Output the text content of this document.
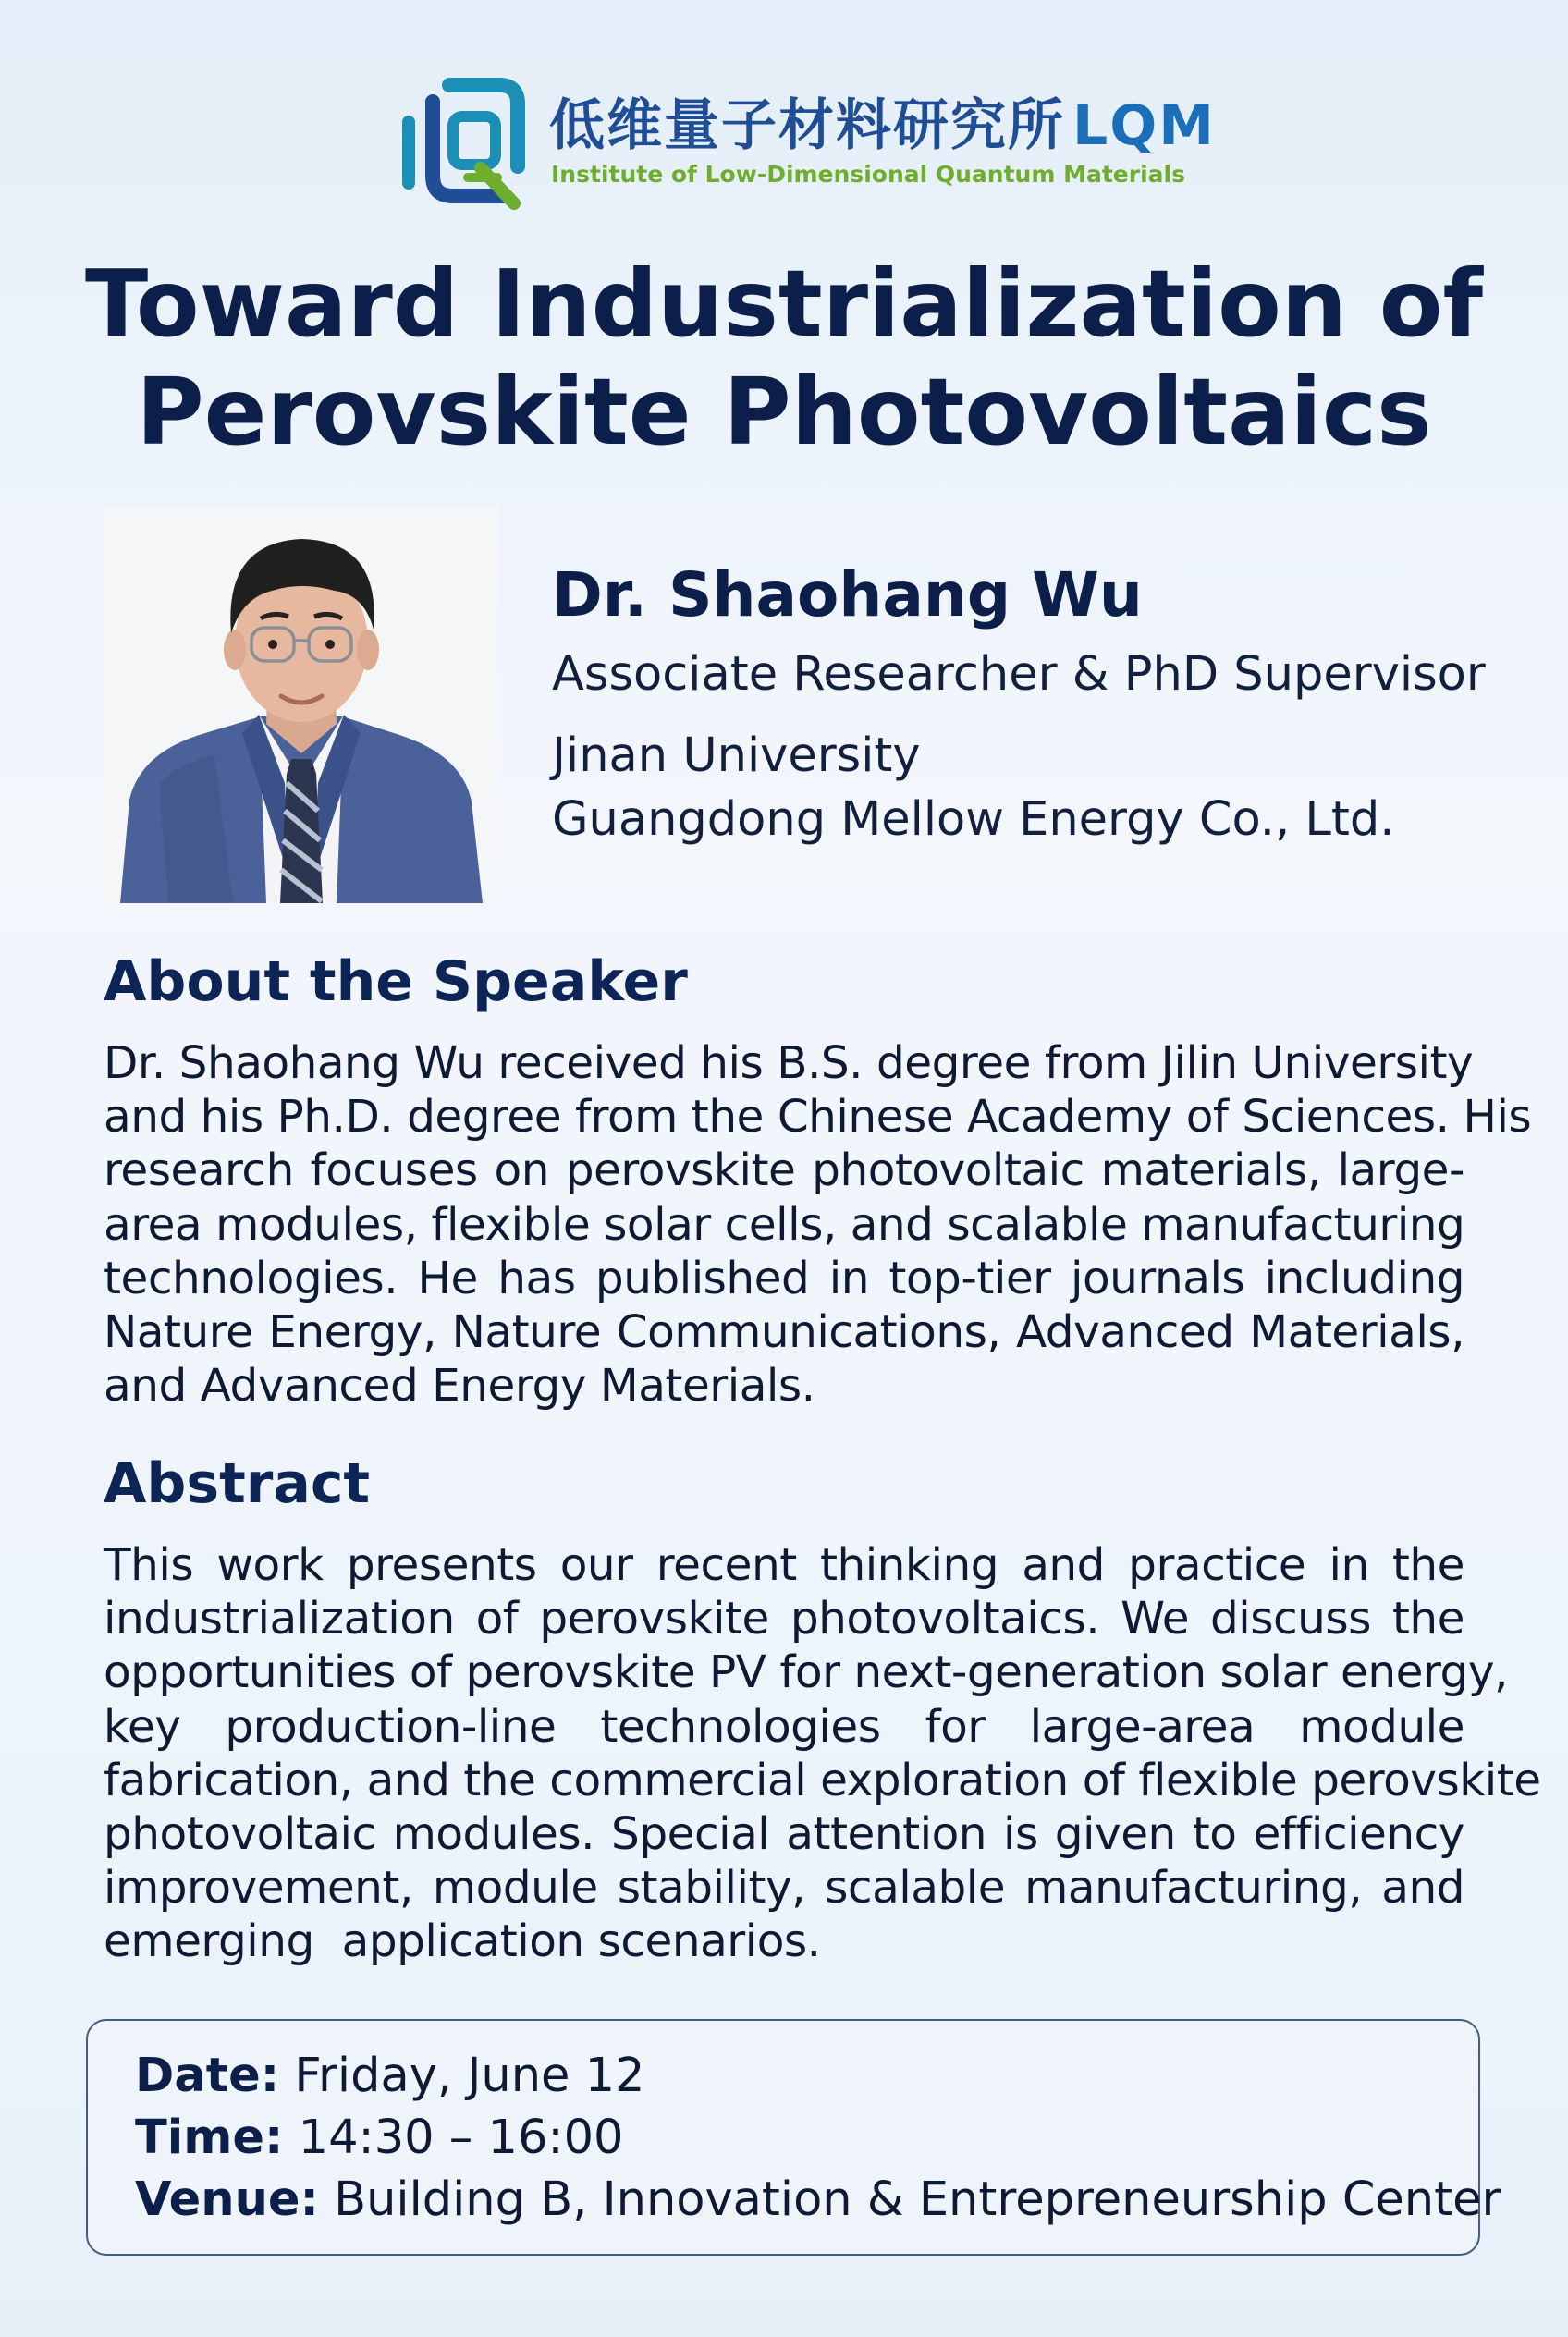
低维量子材料研究所 LQM
Institute of Low-Dimensional Quantum Materials
Toward Industrialization of
Perovskite Photovoltaics
Dr. Shaohang Wu
Associate Researcher & PhD Supervisor
Jinan University
Guangdong Mellow Energy Co., Ltd.
About the Speaker
Dr. Shaohang Wu received his B.S. degree from Jilin University
and his Ph.D. degree from the Chinese Academy of Sciences. His
research focuses on perovskite photovoltaic materials, large-
area modules, flexible solar cells, and scalable manufacturing
technologies. He has published in top-tier journals including
Nature Energy, Nature Communications, Advanced Materials,
and Advanced Energy Materials.
Abstract
This work presents our recent thinking and practice in the
industrialization of perovskite photovoltaics. We discuss the
opportunities of perovskite PV for next-generation solar energy,
key production-line technologies for large-area module
fabrication, and the commercial exploration of flexible perovskite
photovoltaic modules. Special attention is given to efficiency
improvement, module stability, scalable manufacturing, and
emerging  application scenarios.
Date: Friday, June 12
Time: 14:30 – 16:00
Venue: Building B, Innovation & Entrepreneurship Center
